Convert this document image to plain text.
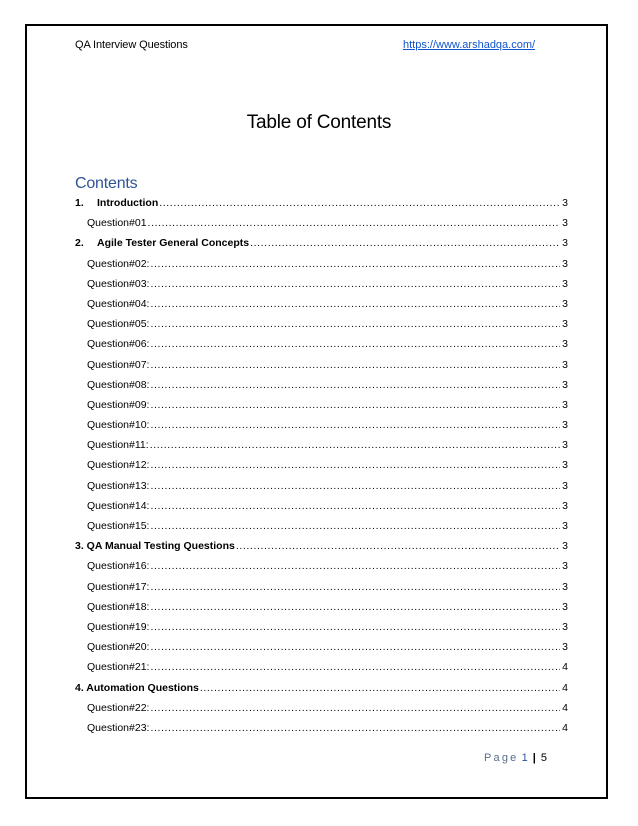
QA Interview Questions	https://www.arshadqa.com/
Table of Contents
Contents
1.	Introduction .....	3
Question#01 .....	3
2.	Agile Tester General Concepts .....	3
Question#02: .....	3
Question#03: .....	3
Question#04: .....	3
Question#05: .....	3
Question#06: .....	3
Question#07: .....	3
Question#08: .....	3
Question#09: .....	3
Question#10: .....	3
Question#11: .....	3
Question#12: .....	3
Question#13: .....	3
Question#14: .....	3
Question#15: .....	3
3. QA Manual Testing Questions .....	3
Question#16: .....	3
Question#17: .....	3
Question#18: .....	3
Question#19: .....	3
Question#20: .....	3
Question#21: .....	4
4. Automation Questions .....	4
Question#22: .....	4
Question#23: .....	4
Page 1 | 5
